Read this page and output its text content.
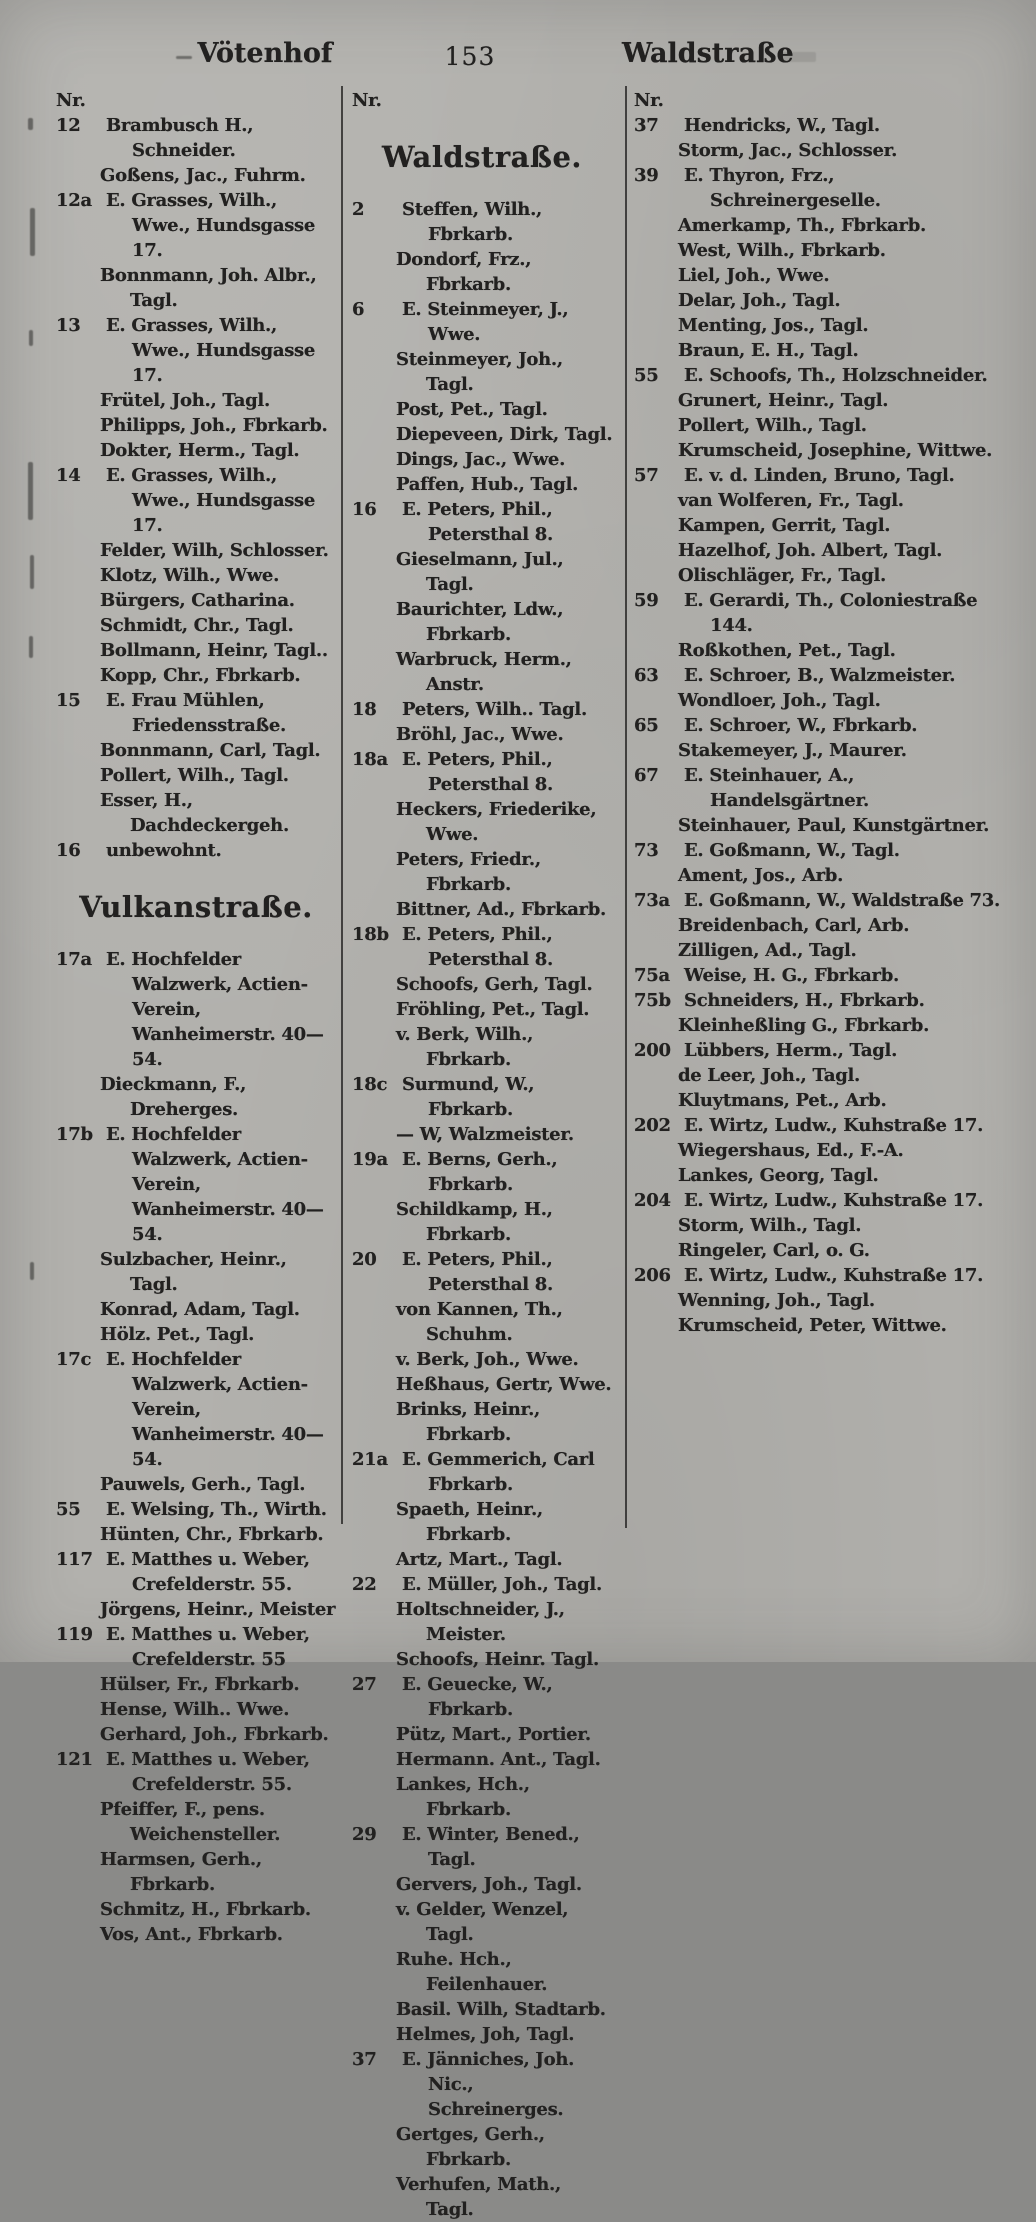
Vötenhof	153	Waldstraße
Nr.
12 Brambusch H., Schneider.
Goßens, Jac., Fuhrm.
12a E. Grasses, Wilh., Wwe., Hundsgasse 17.
Bonnmann, Joh. Albr., Tagl.
13 E. Grasses, Wilh., Wwe., Hundsgasse 17.
Frütel, Joh., Tagl.
Philipps, Joh., Fbrkarb.
Dokter, Herm., Tagl.
14 E. Grasses, Wilh., Wwe., Hundsgasse 17.
Felder, Wilh, Schlosser.
Klotz, Wilh., Wwe.
Bürgers, Catharina.
Schmidt, Chr., Tagl.
Bollmann, Heinr, Tagl..
Kopp, Chr., Fbrkarb.
15 E. Frau Mühlen, Friedensstraße.
Bonnmann, Carl, Tagl.
Pollert, Wilh., Tagl.
Esser, H., Dachdeckergeh.
16 unbewohnt.
Vulkanstraße.
17a E. Hochfelder Walzwerk, Actien-Verein, Wanheimerstr. 40—54.
Dieckmann, F., Dreherges.
17b E. Hochfelder Walzwerk, Actien-Verein, Wanheimerstr. 40—54.
Sulzbacher, Heinr., Tagl.
Konrad, Adam, Tagl.
Hölz. Pet., Tagl.
17c E. Hochfelder Walzwerk, Actien-Verein, Wanheimerstr. 40—54.
Pauwels, Gerh., Tagl.
55 E. Welsing, Th., Wirth.
Hünten, Chr., Fbrkarb.
117 E. Matthes u. Weber, Crefelderstr. 55.
Jörgens, Heinr., Meister
119 E. Matthes u. Weber, Crefelderstr. 55
Hülser, Fr., Fbrkarb.
Hense, Wilh.. Wwe.
Gerhard, Joh., Fbrkarb.
121 E. Matthes u. Weber, Crefelderstr. 55.
Pfeiffer, F., pens. Weichensteller.
Harmsen, Gerh., Fbrkarb.
Schmitz, H., Fbrkarb.
Vos, Ant., Fbrkarb.
Nr.
Waldstraße.
2 Steffen, Wilh., Fbrkarb.
Dondorf, Frz., Fbrkarb.
6 E. Steinmeyer, J., Wwe.
Steinmeyer, Joh., Tagl.
Post, Pet., Tagl.
Diepeveen, Dirk, Tagl.
Dings, Jac., Wwe.
Paffen, Hub., Tagl.
16 E. Peters, Phil., Petersthal 8.
Gieselmann, Jul., Tagl.
Baurichter, Ldw., Fbrkarb.
Warbruck, Herm., Anstr.
18 Peters, Wilh.. Tagl.
Bröhl, Jac., Wwe.
18a E. Peters, Phil., Petersthal 8.
Heckers, Friederike, Wwe.
Peters, Friedr., Fbrkarb.
Bittner, Ad., Fbrkarb.
18b E. Peters, Phil., Petersthal 8.
Schoofs, Gerh, Tagl.
Fröhling, Pet., Tagl.
v. Berk, Wilh., Fbrkarb.
18c Surmund, W., Fbrkarb.
— W, Walzmeister.
19a E. Berns, Gerh., Fbrkarb.
Schildkamp, H., Fbrkarb.
20 E. Peters, Phil., Petersthal 8.
von Kannen, Th., Schuhm.
v. Berk, Joh., Wwe.
Heßhaus, Gertr, Wwe.
Brinks, Heinr., Fbrkarb.
21a E. Gemmerich, Carl Fbrkarb.
Spaeth, Heinr., Fbrkarb.
Artz, Mart., Tagl.
22 E. Müller, Joh., Tagl.
Holtschneider, J., Meister.
Schoofs, Heinr. Tagl.
27 E. Geuecke, W., Fbrkarb.
Pütz, Mart., Portier.
Hermann. Ant., Tagl.
Lankes, Hch., Fbrkarb.
29 E. Winter, Bened., Tagl.
Gervers, Joh., Tagl.
v. Gelder, Wenzel, Tagl.
Ruhe. Hch., Feilenhauer.
Basil. Wilh, Stadtarb.
Helmes, Joh, Tagl.
37 E. Jänniches, Joh. Nic., Schreinerges.
Gertges, Gerh., Fbrkarb.
Verhufen, Math., Tagl.
Nr.
37 Hendricks, W., Tagl.
Storm, Jac., Schlosser.
39 E. Thyron, Frz., Schreinergeselle.
Amerkamp, Th., Fbrkarb.
West, Wilh., Fbrkarb.
Liel, Joh., Wwe.
Delar, Joh., Tagl.
Menting, Jos., Tagl.
Braun, E. H., Tagl.
55 E. Schoofs, Th., Holzschneider.
Grunert, Heinr., Tagl.
Pollert, Wilh., Tagl.
Krumscheid, Josephine, Wittwe.
57 E. v. d. Linden, Bruno, Tagl.
van Wolferen, Fr., Tagl.
Kampen, Gerrit, Tagl.
Hazelhof, Joh. Albert, Tagl.
Olischläger, Fr., Tagl.
59 E. Gerardi, Th., Coloniestraße 144.
Roßkothen, Pet., Tagl.
63 E. Schroer, B., Walzmeister.
Wondloer, Joh., Tagl.
65 E. Schroer, W., Fbrkarb.
Stakemeyer, J., Maurer.
67 E. Steinhauer, A., Handelsgärtner.
Steinhauer, Paul, Kunstgärtner.
73 E. Goßmann, W., Tagl.
Ament, Jos., Arb.
73a E. Goßmann, W., Waldstraße 73.
Breidenbach, Carl, Arb.
Zilligen, Ad., Tagl.
75a Weise, H. G., Fbrkarb.
75b Schneiders, H., Fbrkarb.
Kleinheßling G., Fbrkarb.
200 Lübbers, Herm., Tagl.
de Leer, Joh., Tagl.
Kluytmans, Pet., Arb.
202 E. Wirtz, Ludw., Kuhstraße 17.
Wiegershaus, Ed., F.-A.
Lankes, Georg, Tagl.
204 E. Wirtz, Ludw., Kuhstraße 17.
Storm, Wilh., Tagl.
Ringeler, Carl, o. G.
206 E. Wirtz, Ludw., Kuhstraße 17.
Wenning, Joh., Tagl.
Krumscheid, Peter, Wittwe.
